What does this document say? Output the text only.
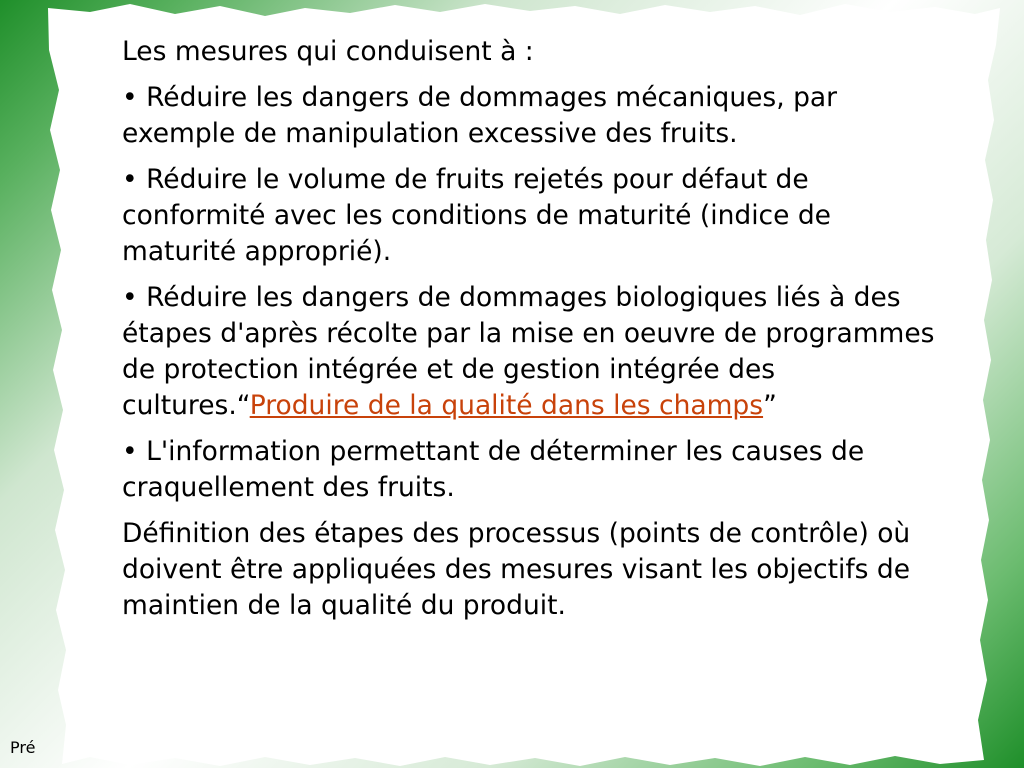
Les mesures qui conduisent à :

• Réduire les dangers de dommages mécaniques, par exemple de manipulation excessive des fruits.

• Réduire le volume de fruits rejetés pour défaut de conformité avec les conditions de maturité (indice de maturité approprié).

• Réduire les dangers de dommages biologiques liés à des étapes d'après récolte par la mise en oeuvre de programmes de protection intégrée et de gestion intégrée des cultures.“Produire de la qualité dans les champs”

• L'information permettant de déterminer les causes de craquellement des fruits.

Définition des étapes des processus (points de contrôle) où doivent être appliquées des mesures visant les objectifs de maintien de la qualité du produit.

Pré
